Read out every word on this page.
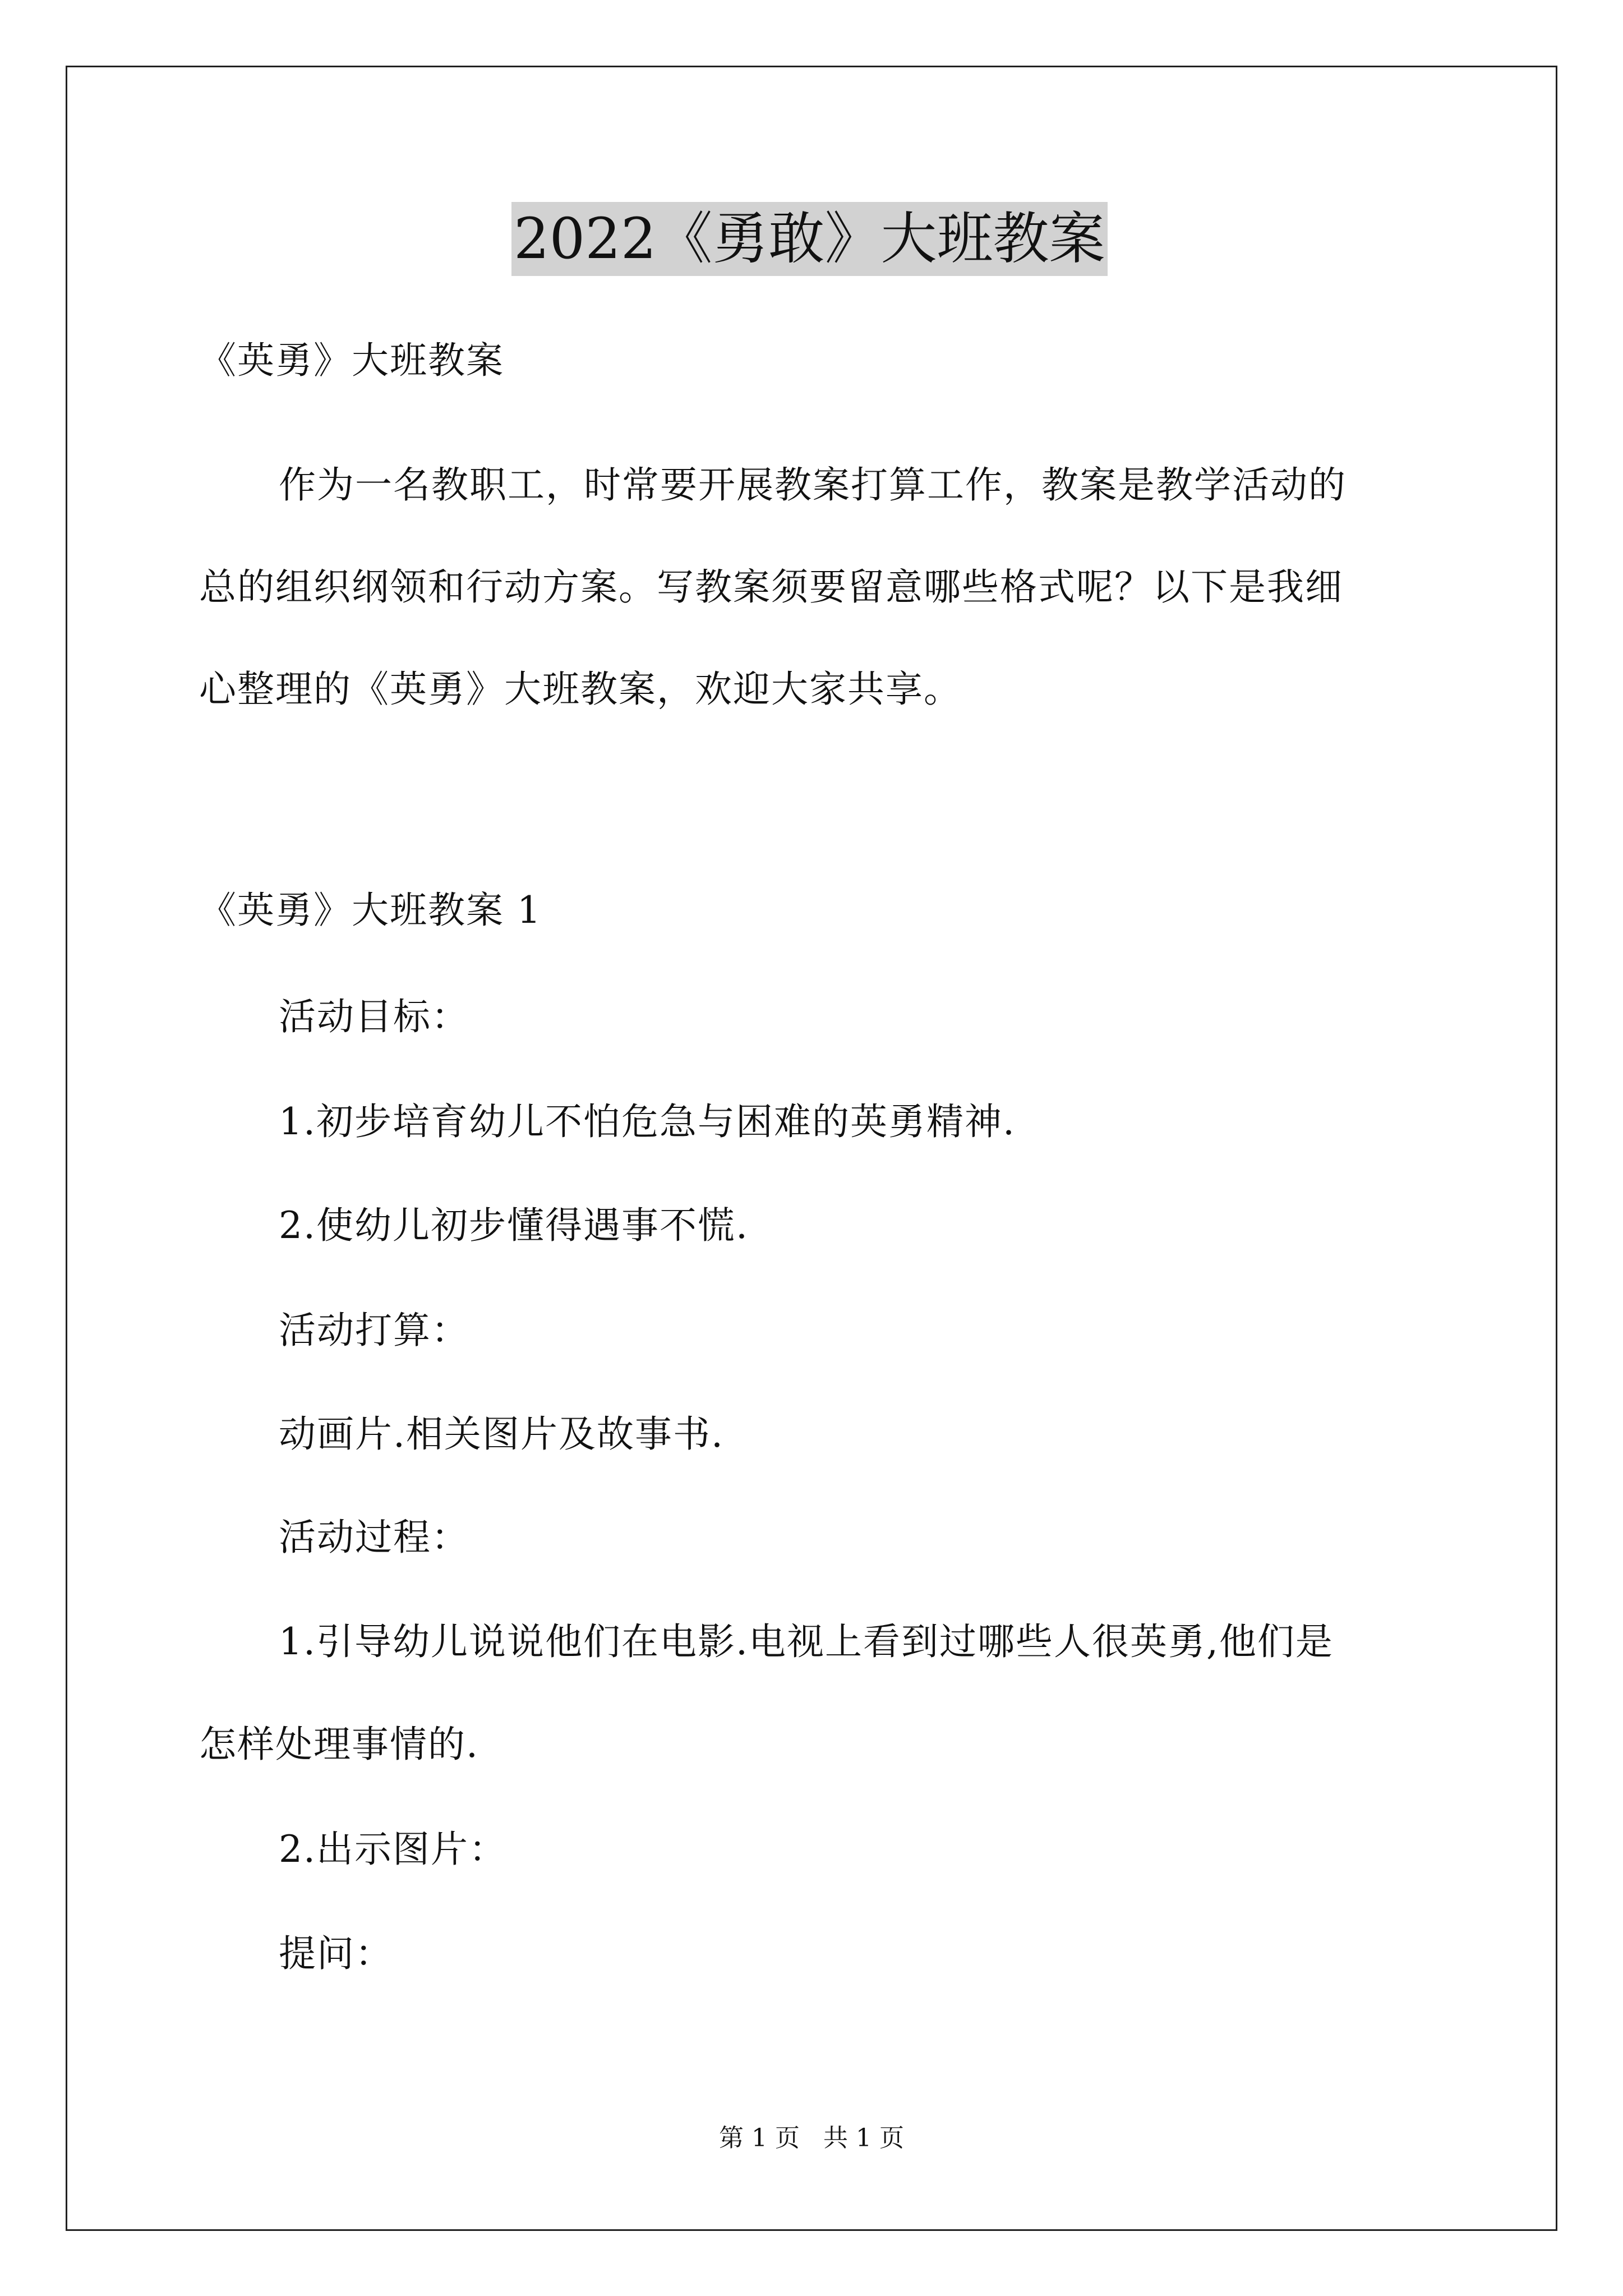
2022《勇敢》大班教案
《英勇》大班教案
作为一名教职工，时常要开展教案打算工作，教案是教学活动的
总的组织纲领和行动方案。写教案须要留意哪些格式呢？以下是我细
心整理的《英勇》大班教案，欢迎大家共享。
《英勇》大班教案 1
活动目标：
1.初步培育幼儿不怕危急与困难的英勇精神.
2.使幼儿初步懂得遇事不慌.
活动打算：
动画片.相关图片及故事书.
活动过程：
1.引导幼儿说说他们在电影.电视上看到过哪些人很英勇,他们是
怎样处理事情的.
2.出示图片：
提问：
第 1 页   共 1 页
